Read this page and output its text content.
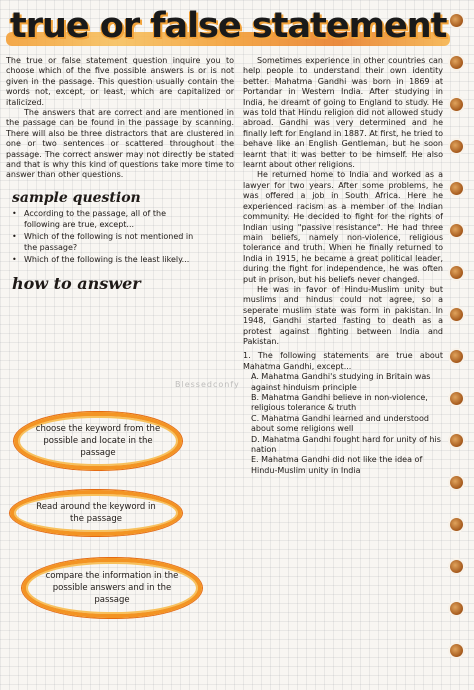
true or false statement

The true or false statement question inquire you to choose which of the five possible answers is or is not given in the passage. This question usually contain the words not, except, or least, which are capitalized or italicized.

The answers that are correct and are mentioned in the passage can be found in the passage by scanning. There will also be three distractors that are clustered in one or two sentences or scattered throughout the passage. The correct answer may not directly be stated and that is why this kind of questions take more time to answer than other questions.

sample question
• According to the passage, all of the following are true, except...
• Which of the following is not mentioned in the passage?
• Which of the following is the least likely...
how to answer
Blessedconfy
choose the keyword from the possible and locate in the passage
Read around the keyword in the passage
compare the information in the possible answers and in the passage

Sometimes experience in other countries can help people to understand their own identity better. Mahatma Gandhi was born in 1869 at Portandar in Western India. After studying in India, he dreamt of going to England to study. He was told that Hindu religion did not allowed study abroad. Gandhi was very determined and he finally left for England in 1887. At first, he tried to behave like an English Gentleman, but he soon learnt that it was better to be himself. He also learnt about other religions.

He returned home to India and worked as a lawyer for two years. After some problems, he was offered a job in South Africa. Here he experienced racism as a member of the Indian community. He decided to fight for the rights of Indian using "passive resistance". He had three main beliefs, namely non-violence, religious tolerance and truth. When he finally returned to India in 1915, he became a great political leader, during the fight for independence, he was often put in prison, but his beliefs never changed.

He was in favor of Hindu-Muslim unity but muslims and hindus could not agree, so a seperate muslim state was form in pakistan. In 1948, Gandhi started fasting to death as a protest against fighting between India and Pakistan.

1. The following statements are true about Mahatma Gandhi, except...

A. Mahatma Gandhi's studying in Britain was against hinduism principle
B. Mahatma Gandhi believe in non-violence, religious tolerance & truth
C. Mahatma Gandhi learned and understood about some religions well
D. Mahatma Gandhi fought hard for unity of his nation
E. Mahatma Gandhi did not like the idea of Hindu-Muslim unity in India
